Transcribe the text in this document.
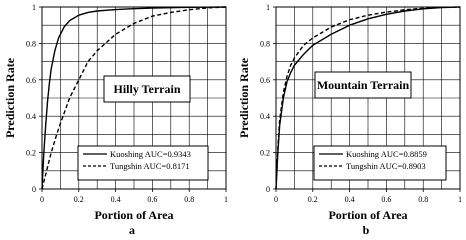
0	0.2	0.4	0.6	0.8	1
0
0.2
0.4
0.6
0.8
1
Portion of Area
Prediction Rate
a
Hilly Terrain
Kuoshing AUC=0.9343
Tungshin AUC=0.8171
0	0.2	0.4	0.6	0.8	1
0
0.2
0.4
0.6
0.8
1
Portion of Area
Prediction Rate
b
Mountain Terrain
Kuoshing AUC=0.8859
Tungshin AUC=0.8903
